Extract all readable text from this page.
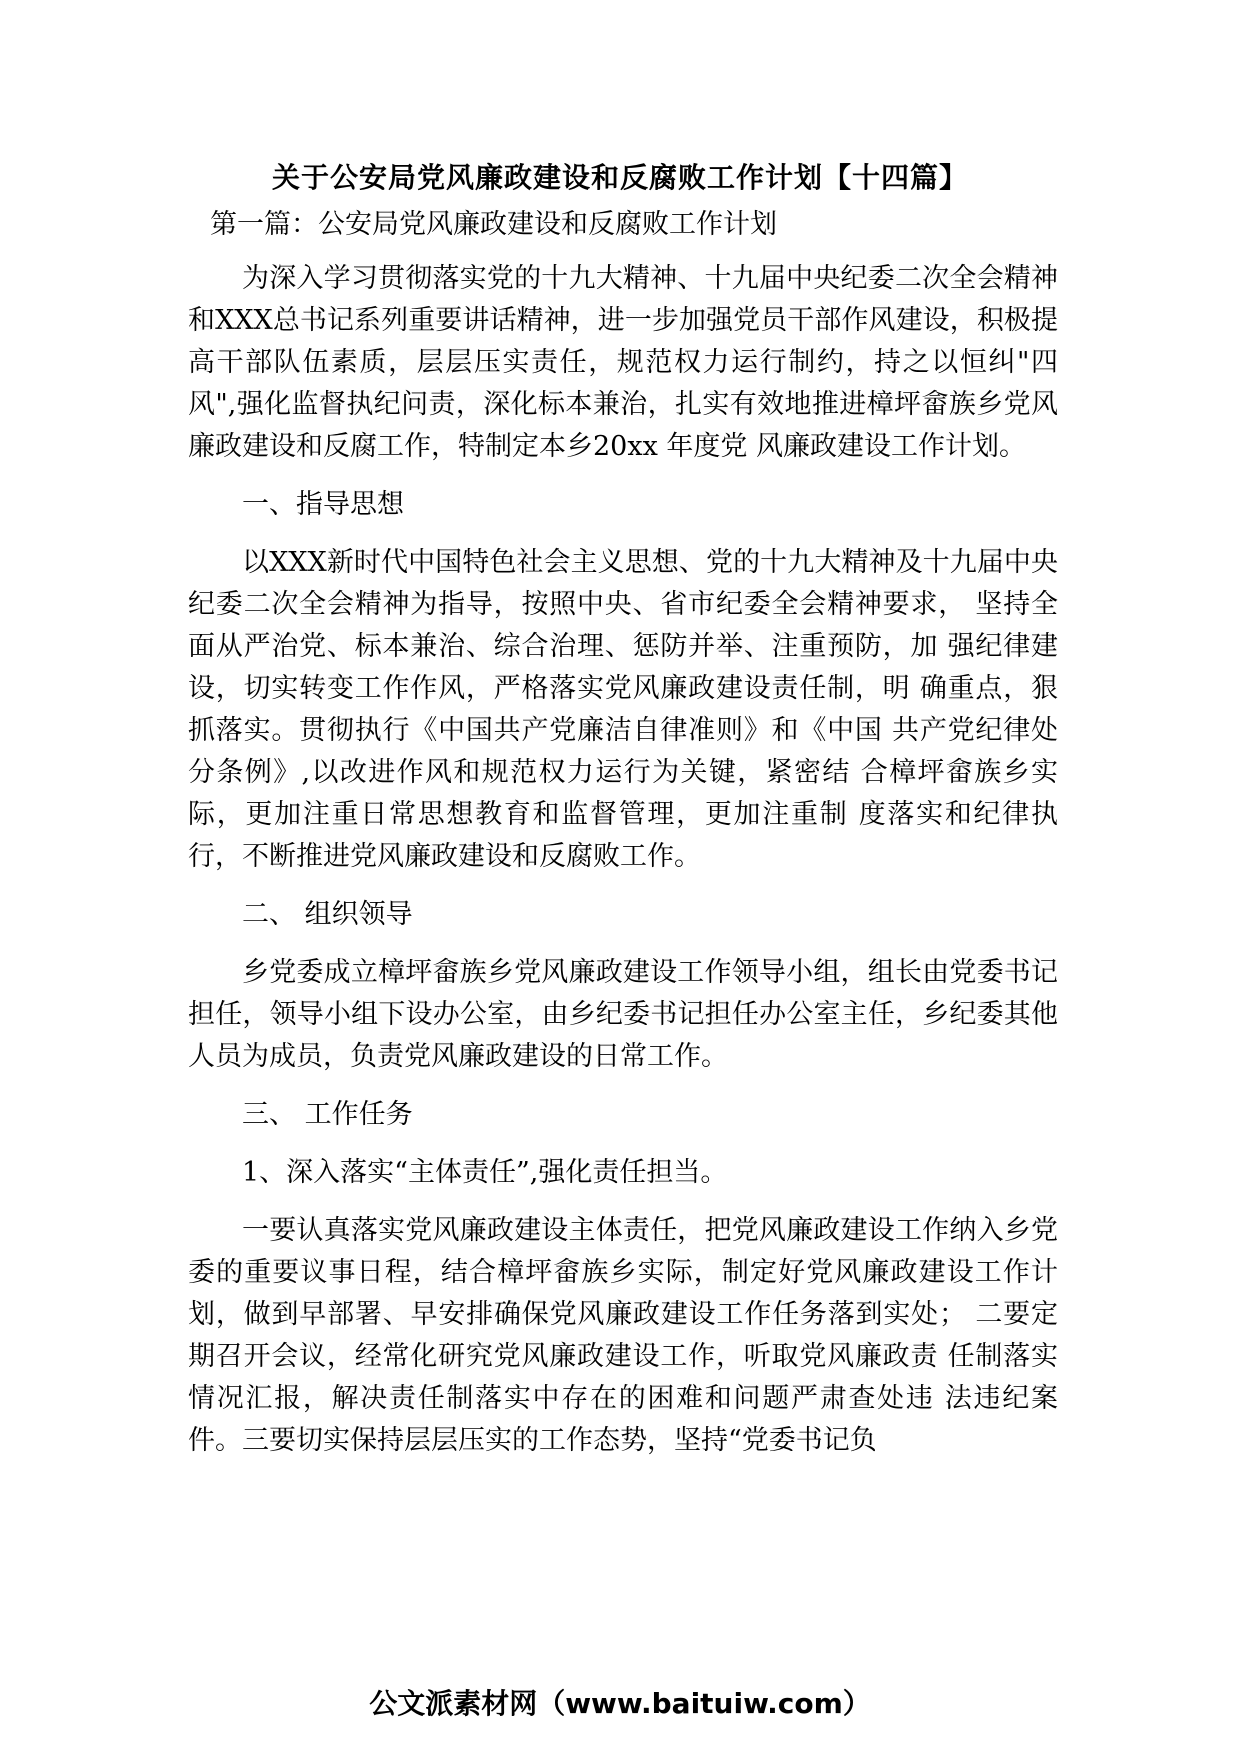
关于公安局党风廉政建设和反腐败工作计划【十四篇】

第一篇：公安局党风廉政建设和反腐败工作计划

为深入学习贯彻落实党的十九大精神、十九届中央纪委二次全会精神和XXX总书记系列重要讲话精神，进一步加强党员干部作风建设，积极提高干部队伍素质，层层压实责任，规范权力运行制约，持之以恒纠"四风",强化监督执纪问责，深化标本兼治，扎实有效地推进樟坪畲族乡党风廉政建设和反腐工作，特制定本乡20xx 年度党 风廉政建设工作计划。

一、指导思想

以XXX新时代中国特色社会主义思想、党的十九大精神及十九届中央纪委二次全会精神为指导，按照中央、省市纪委全会精神要求， 坚持全面从严治党、标本兼治、综合治理、惩防并举、注重预防，加 强纪律建设，切实转变工作作风，严格落实党风廉政建设责任制，明 确重点，狠抓落实。贯彻执行《中国共产党廉洁自律准则》和《中国 共产党纪律处分条例》,以改进作风和规范权力运行为关键，紧密结 合樟坪畲族乡实际，更加注重日常思想教育和监督管理，更加注重制 度落实和纪律执行，不断推进党风廉政建设和反腐败工作。

二、 组织领导

乡党委成立樟坪畲族乡党风廉政建设工作领导小组，组长由党委书记担任，领导小组下设办公室，由乡纪委书记担任办公室主任，乡纪委其他人员为成员，负责党风廉政建设的日常工作。

三、 工作任务

1、深入落实“主体责任”,强化责任担当。

一要认真落实党风廉政建设主体责任，把党风廉政建设工作纳入乡党委的重要议事日程，结合樟坪畲族乡实际，制定好党风廉政建设工作计划，做到早部署、早安排确保党风廉政建设工作任务落到实处； 二要定期召开会议，经常化研究党风廉政建设工作，听取党风廉政责 任制落实情况汇报，解决责任制落实中存在的困难和问题严肃查处违 法违纪案件。三要切实保持层层压实的工作态势，坚持“党委书记负

公文派素材网（www.baituiw.com）
